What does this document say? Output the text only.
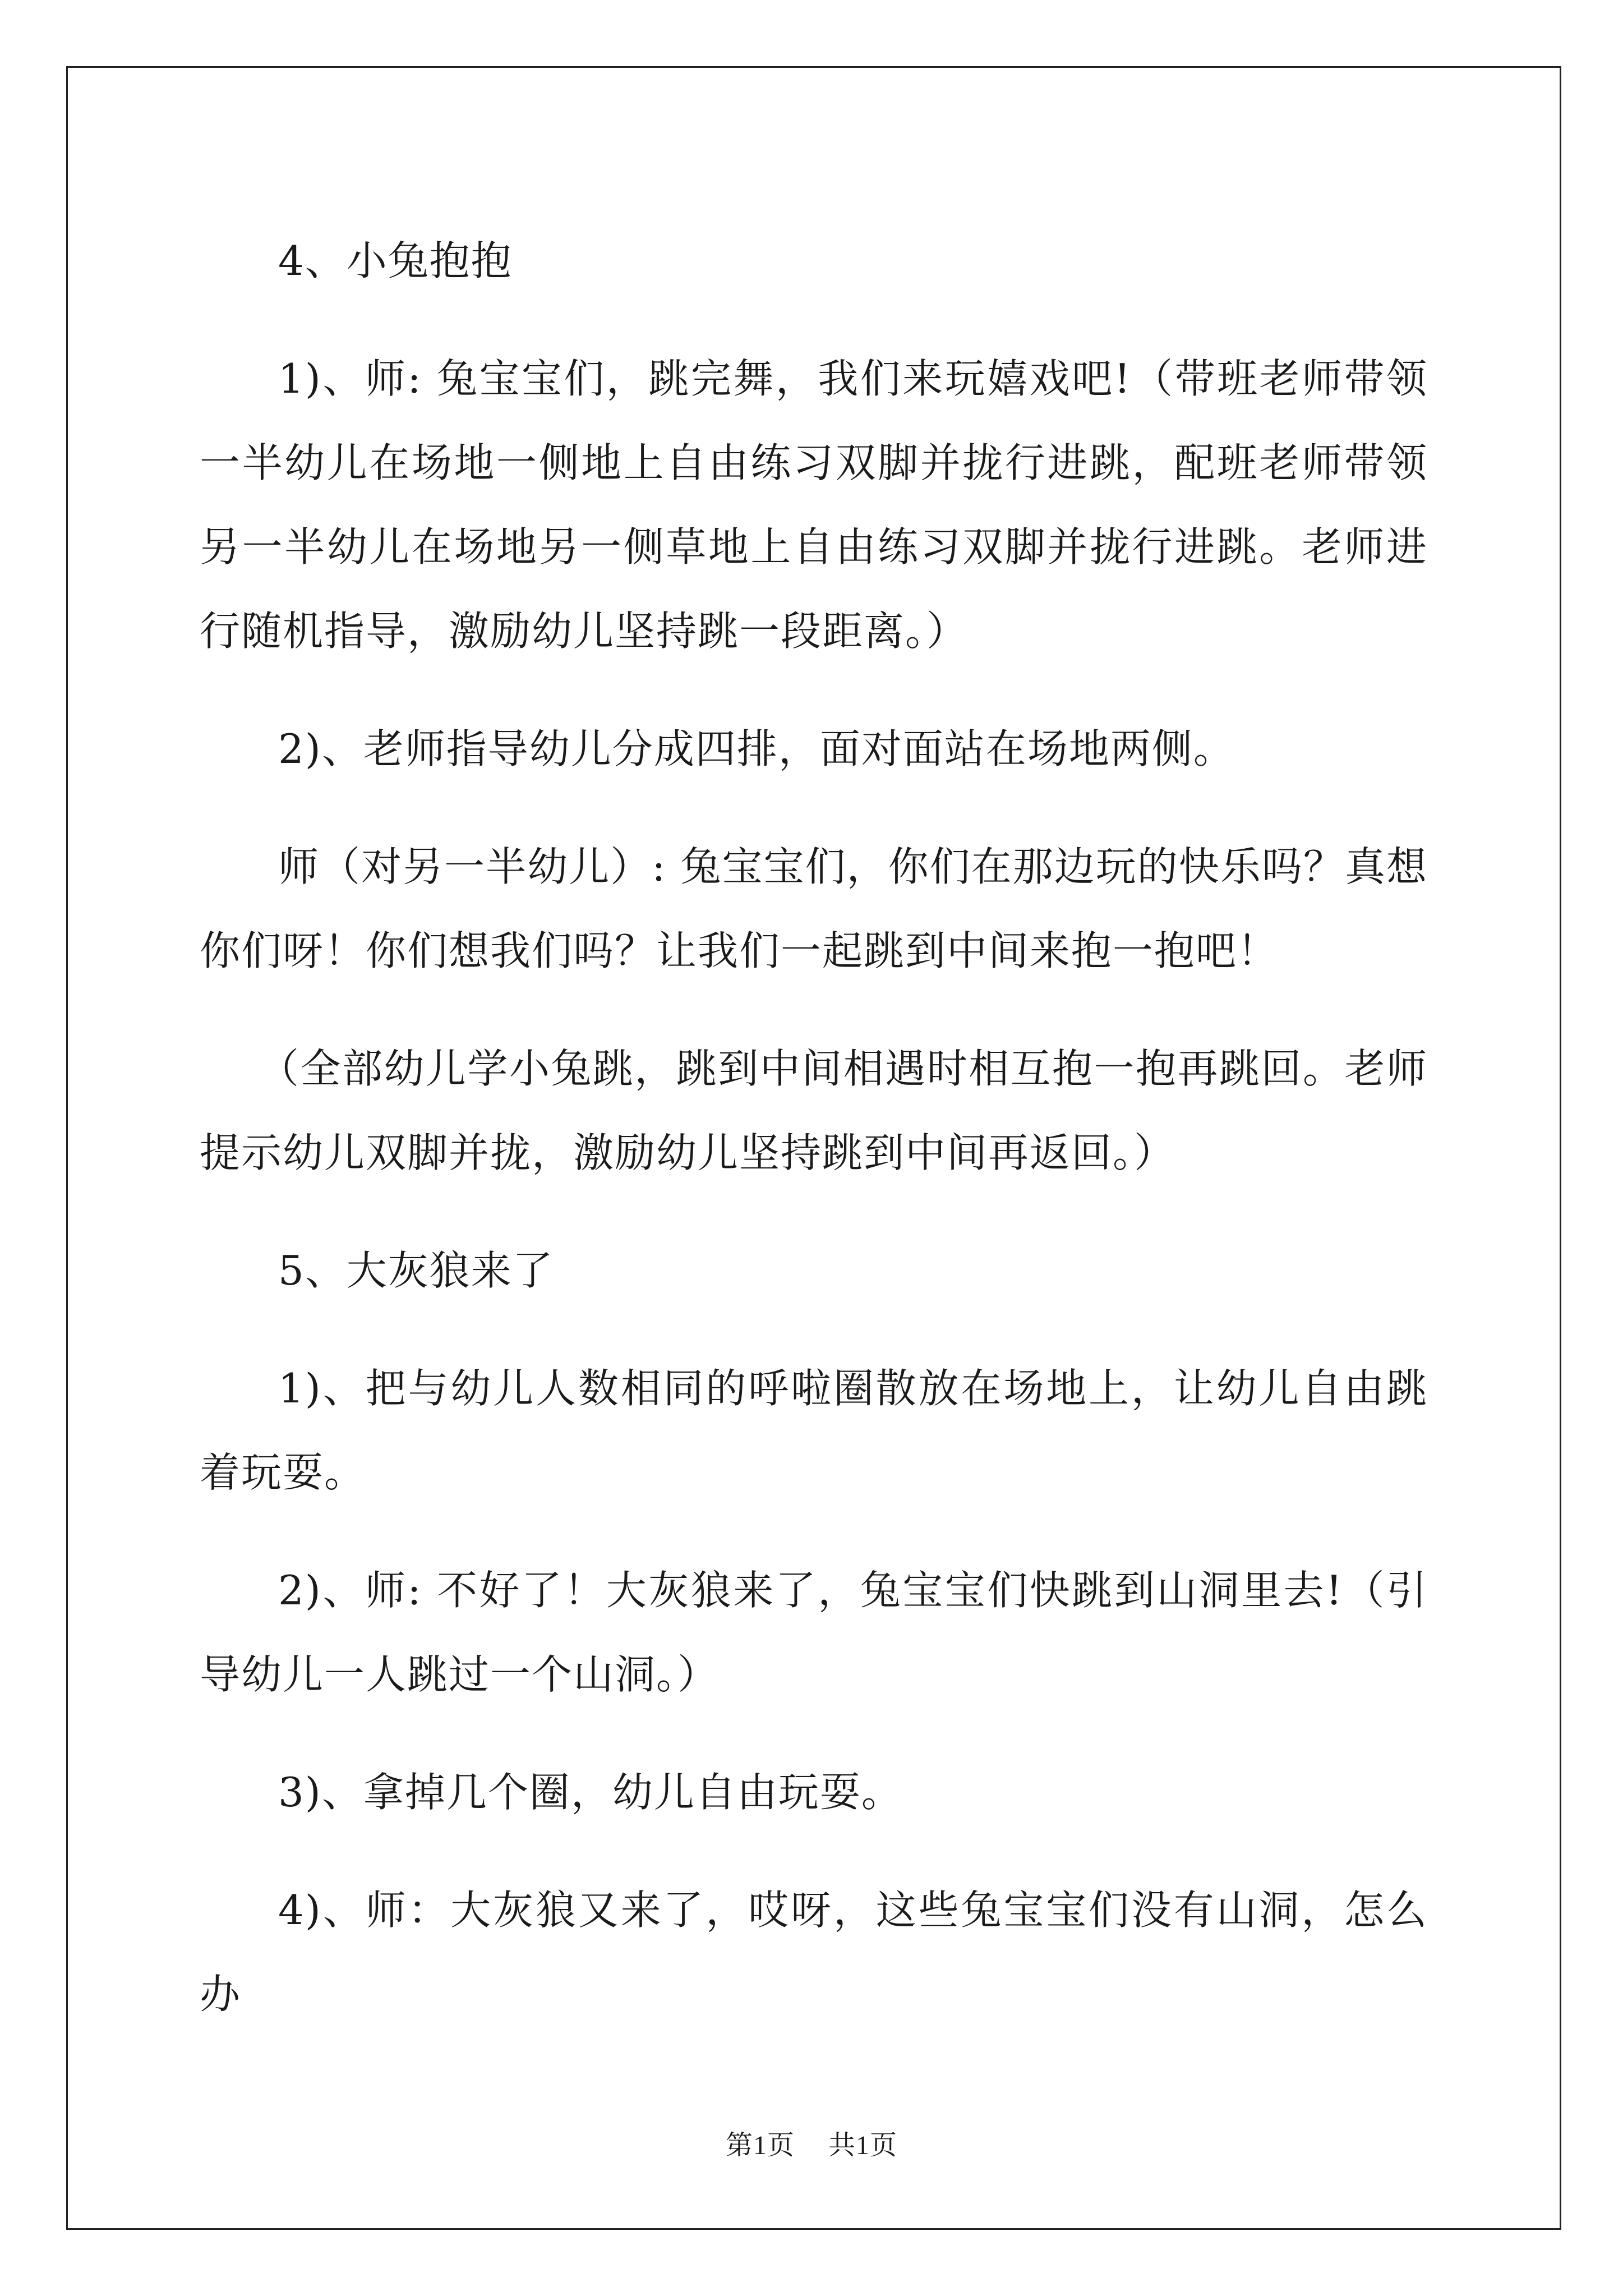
4、小兔抱抱

1)、师: 兔宝宝们，跳完舞，我们来玩嬉戏吧!（带班老师带领一半幼儿在场地一侧地上自由练习双脚并拢行进跳，配班老师带领另一半幼儿在场地另一侧草地上自由练习双脚并拢行进跳。老师进行随机指导，激励幼儿坚持跳一段距离。）

2)、老师指导幼儿分成四排，面对面站在场地两侧。

师（对另一半幼儿）: 兔宝宝们，你们在那边玩的快乐吗？真想你们呀！你们想我们吗？让我们一起跳到中间来抱一抱吧！

（全部幼儿学小兔跳，跳到中间相遇时相互抱一抱再跳回。老师提示幼儿双脚并拢，激励幼儿坚持跳到中间再返回。）

5、大灰狼来了

1)、把与幼儿人数相同的呼啦圈散放在场地上，让幼儿自由跳着玩耍。

2)、师: 不好了！大灰狼来了，兔宝宝们快跳到山洞里去!（引导幼儿一人跳过一个山洞。）

3)、拿掉几个圈，幼儿自由玩耍。

4)、师：大灰狼又来了，哎呀，这些兔宝宝们没有山洞，怎么办

第1页 共1页
